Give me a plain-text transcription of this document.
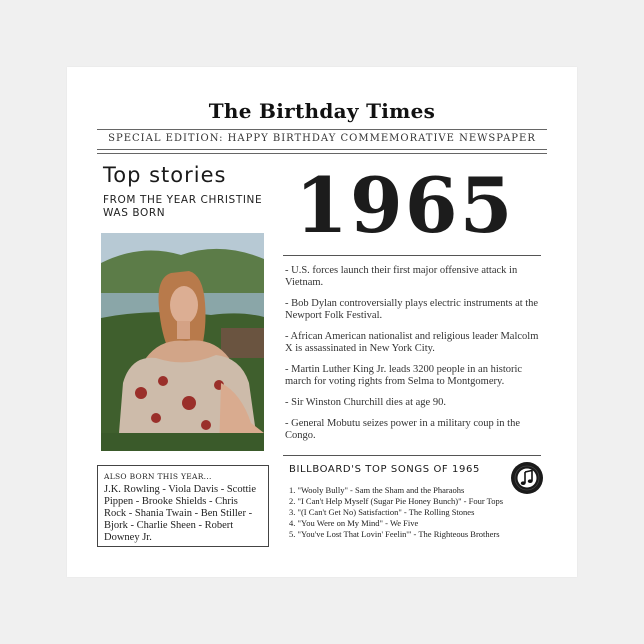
The Birthday Times
SPECIAL EDITION: HAPPY BIRTHDAY COMMEMORATIVE NEWSPAPER
Top stories
FROM THE YEAR CHRISTINE WAS BORN	1965
- U.S. forces launch their first major offensive attack in Vietnam.
- Bob Dylan controversially plays electric instruments at the Newport Folk Festival.
- African American nationalist and religious leader Malcolm X is assassinated in New York City.
- Martin Luther King Jr. leads 3200 people in an historic march for voting rights from Selma to Montgomery.
- Sir Winston Churchill dies at age 90.
- General Mobutu seizes power in a military coup in the Congo.
ALSO BORN THIS YEAR...
J.K. Rowling - Viola Davis - Scottie Pippen - Brooke Shields - Chris Rock - Shania Twain - Ben Stiller - Bjork - Charlie Sheen - Robert Downey Jr.
BILLBOARD'S TOP SONGS OF 1965
1. "Wooly Bully" - Sam the Sham and the Pharaohs
2. "I Can't Help Myself (Sugar Pie Honey Bunch)" - Four Tops
3. "(I Can't Get No) Satisfaction" - The Rolling Stones
4. "You Were on My Mind" - We Five
5. "You've Lost That Lovin' Feelin'" - The Righteous Brothers
